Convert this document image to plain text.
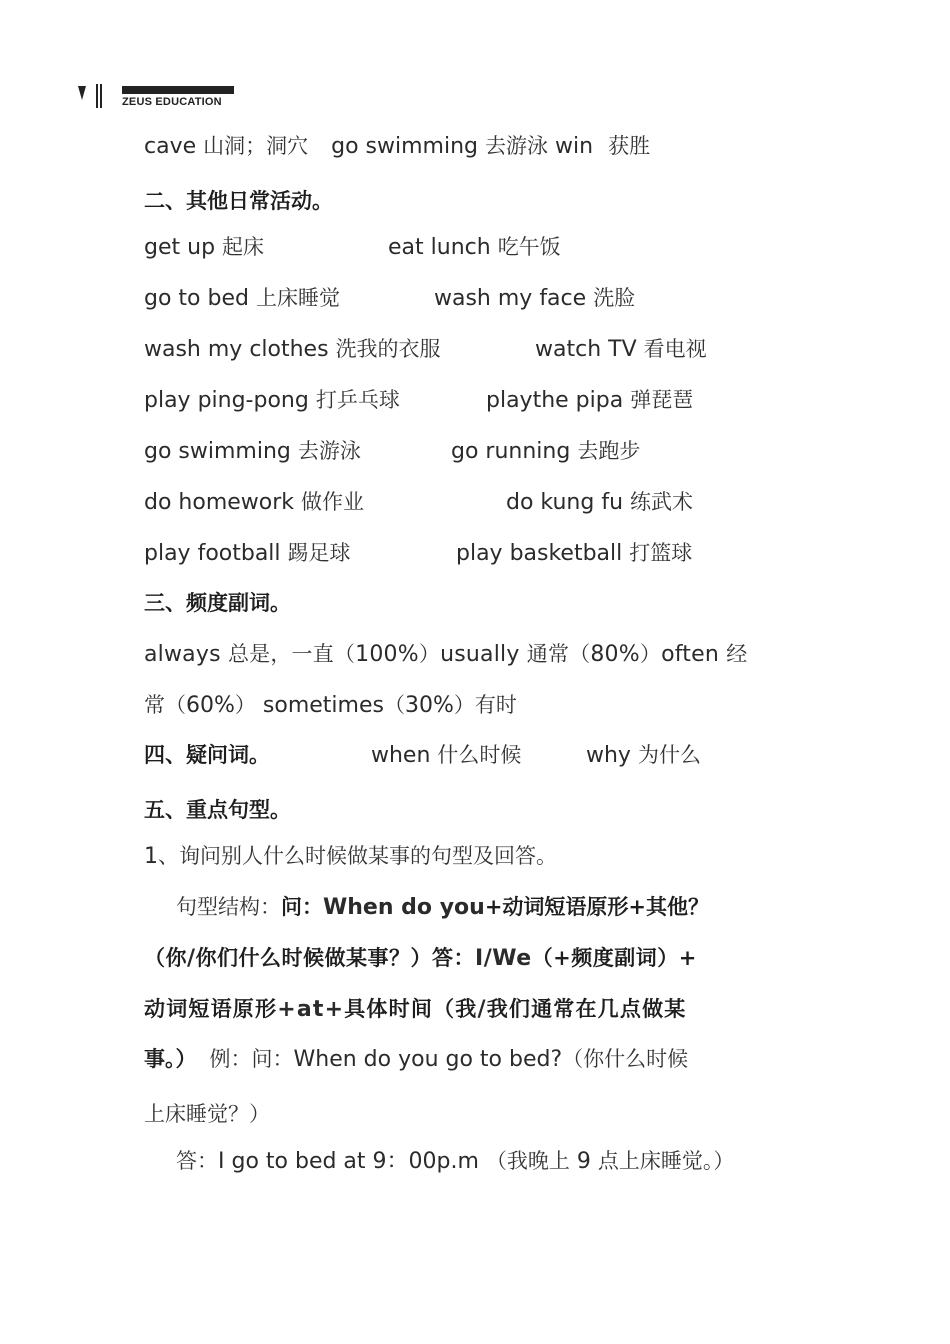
ZEUS EDUCATION
cave 山洞；洞穴 go swimming 去游泳 win 获胜
二、其他日常活动。
get up 起床	eat lunch 吃午饭
go to bed 上床睡觉	wash my face 洗脸
wash my clothes 洗我的衣服	watch TV 看电视
play ping-pong 打乒乓球	playthe pipa 弹琵琶
go swimming 去游泳	go running 去跑步
do homework 做作业	do kung fu 练武术
play football 踢足球	play basketball 打篮球
三、频度副词。
always 总是，一直（100%）usually 通常（80%）often 经
常（60%） sometimes（30%）有时
四、疑问词。	when 什么时候	why 为什么
五、重点句型。
1、询问别人什么时候做某事的句型及回答。
句型结构：问：When do you+动词短语原形+其他？
（你/你们什么时候做某事？）答：I/We（+频度副词）+
动词短语原形+at+具体时间（我/我们通常在几点做某
事。） 例：问：When do you go to bed?（你什么时候
上床睡觉？）
答：I go to bed at 9：00p.m （我晚上 9 点上床睡觉。）
